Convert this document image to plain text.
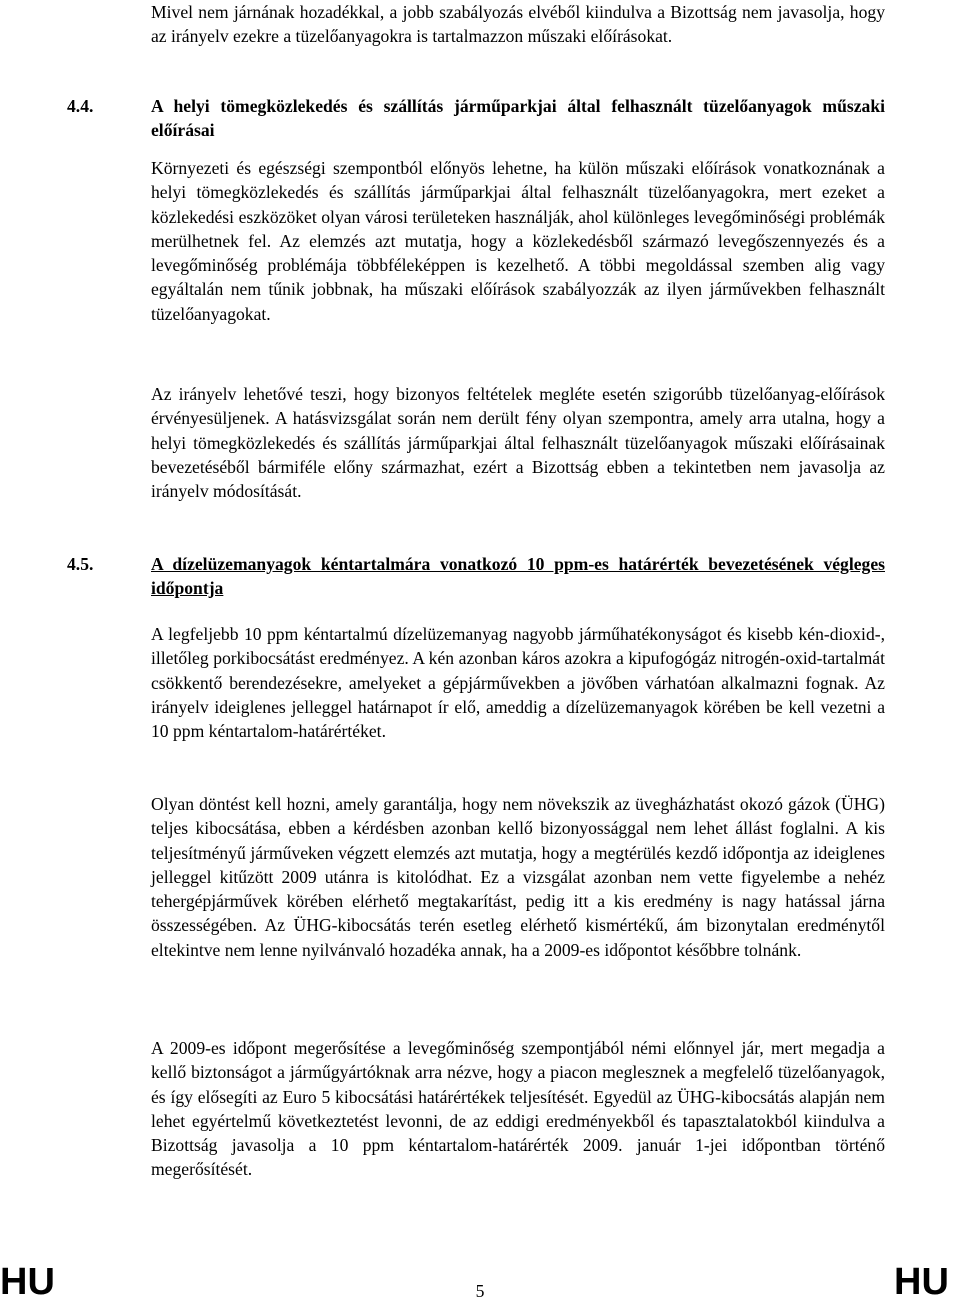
Mivel nem járnának hozadékkal, a jobb szabályozás elvéből kiindulva a Bizottság nem javasolja, hogy az irányelv ezekre a tüzelőanyagokra is tartalmazzon műszaki előírásokat.

4.4.	A helyi tömegközlekedés és szállítás járműparkjai által felhasznált tüzelőanyagok műszaki előírásai

Környezeti és egészségi szempontból előnyös lehetne, ha külön műszaki előírások vonatkoznának a helyi tömegközlekedés és szállítás járműparkjai által felhasznált tüzelőanyagokra, mert ezeket a közlekedési eszközöket olyan városi területeken használják, ahol különleges levegőminőségi problémák merülhetnek fel. Az elemzés azt mutatja, hogy a közlekedésből származó levegőszennyezés és a levegőminőség problémája többféleképpen is kezelhető. A többi megoldással szemben alig vagy egyáltalán nem tűnik jobbnak, ha műszaki előírások szabályozzák az ilyen járművekben felhasznált tüzelőanyagokat.

Az irányelv lehetővé teszi, hogy bizonyos feltételek megléte esetén szigorúbb tüzelőanyag-előírások érvényesüljenek. A hatásvizsgálat során nem derült fény olyan szempontra, amely arra utalna, hogy a helyi tömegközlekedés és szállítás járműparkjai által felhasznált tüzelőanyagok műszaki előírásainak bevezetéséből bármiféle előny származhat, ezért a Bizottság ebben a tekintetben nem javasolja az irányelv módosítását.

4.5.	A dízelüzemanyagok kéntartalmára vonatkozó 10 ppm-es határérték bevezetésének végleges időpontja

A legfeljebb 10 ppm kéntartalmú dízelüzemanyag nagyobb járműhatékonyságot és kisebb kén-dioxid-, illetőleg porkibocsátást eredményez. A kén azonban káros azokra a kipufogógáz nitrogén-oxid-tartalmát csökkentő berendezésekre, amelyeket a gépjárművekben a jövőben várhatóan alkalmazni fognak. Az irányelv ideiglenes jelleggel határnapot ír elő, ameddig a dízelüzemanyagok körében be kell vezetni a 10 ppm kéntartalom-határértéket.

Olyan döntést kell hozni, amely garantálja, hogy nem növekszik az üvegházhatást okozó gázok (ÜHG) teljes kibocsátása, ebben a kérdésben azonban kellő bizonyossággal nem lehet állást foglalni. A kis teljesítményű járműveken végzett elemzés azt mutatja, hogy a megtérülés kezdő időpontja az ideiglenes jelleggel kitűzött 2009 utánra is kitolódhat. Ez a vizsgálat azonban nem vette figyelembe a nehéz tehergépjárművek körében elérhető megtakarítást, pedig itt a kis eredmény is nagy hatással járna összességében. Az ÜHG-kibocsátás terén esetleg elérhető kismértékű, ám bizonytalan eredménytől eltekintve nem lenne nyilvánvaló hozadéka annak, ha a 2009-es időpontot későbbre tolnánk.

A 2009-es időpont megerősítése a levegőminőség szempontjából némi előnnyel jár, mert megadja a kellő biztonságot a járműgyártóknak arra nézve, hogy a piacon meglesznek a megfelelő tüzelőanyagok, és így elősegíti az Euro 5 kibocsátási határértékek teljesítését. Egyedül az ÜHG-kibocsátás alapján nem lehet egyértelmű következtetést levonni, de az eddigi eredményekből és tapasztalatokból kiindulva a Bizottság javasolja a 10 ppm kéntartalom-határérték 2009. január 1-jei időpontban történő megerősítését.

HU	5	HU
